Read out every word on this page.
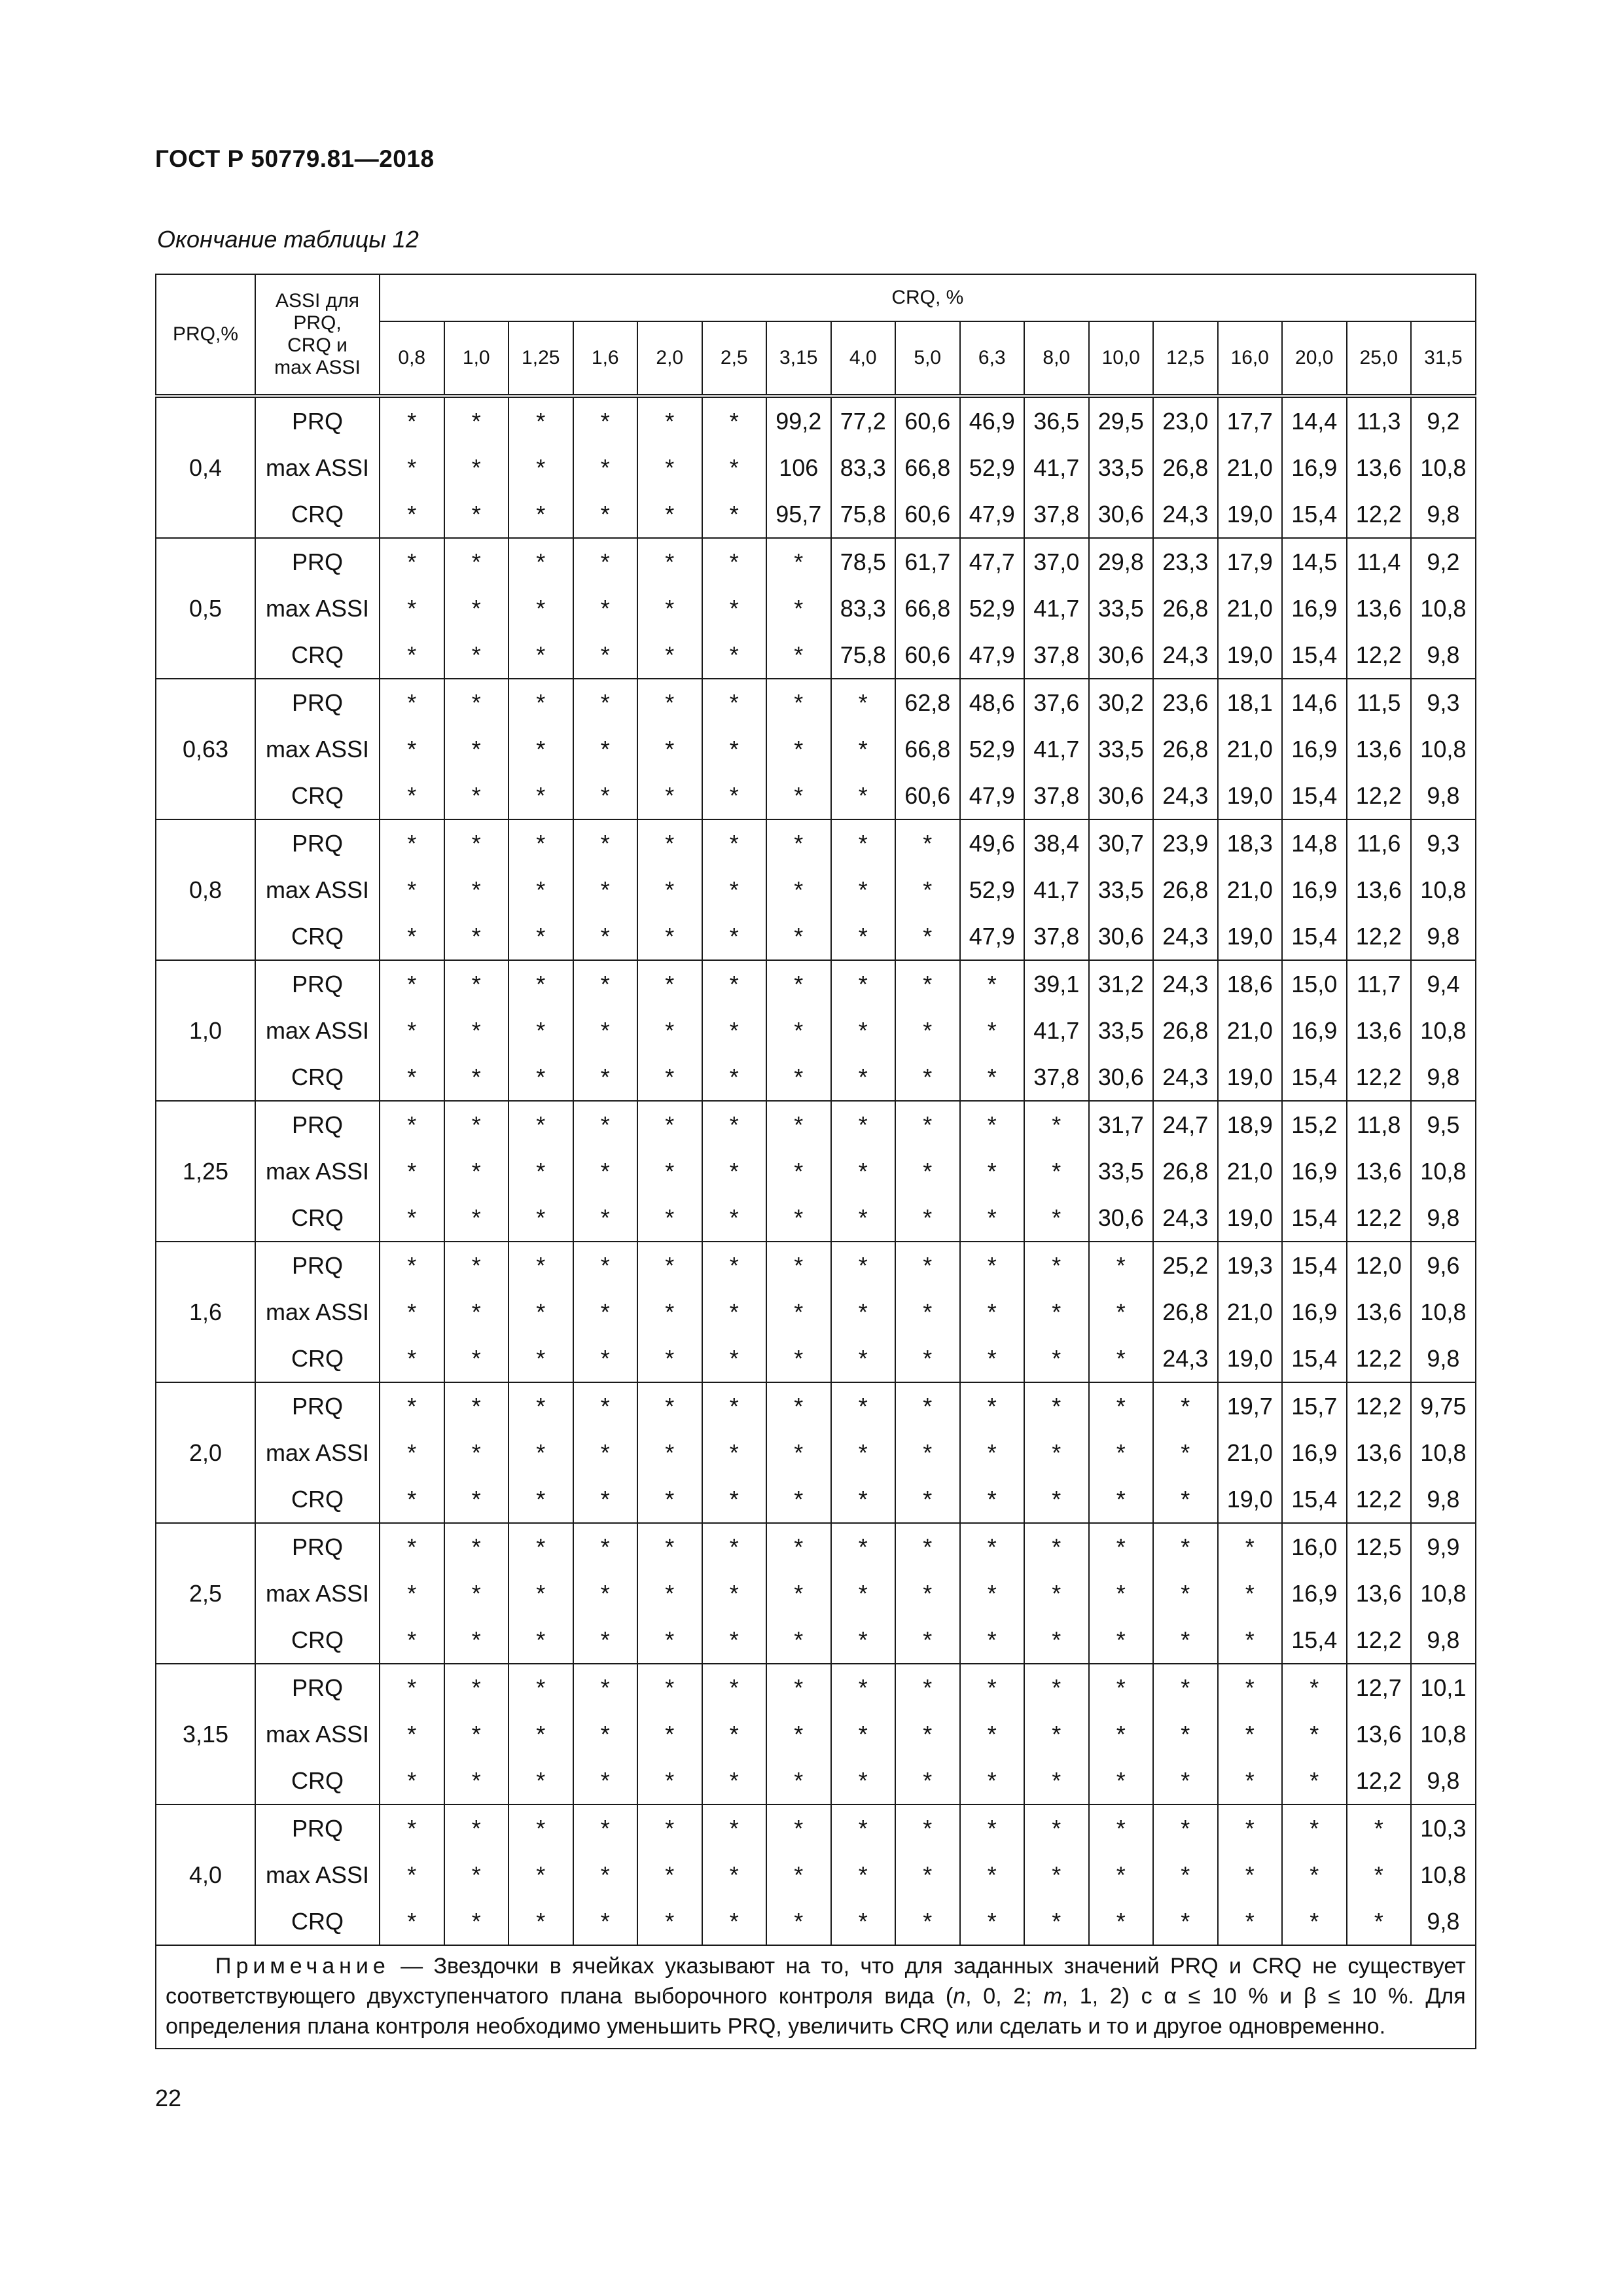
ГОСТ Р 50779.81—2018
Окончание таблицы 12
PRQ,%	ASSI для
PRQ,
CRQ и
max ASSI	CRQ, %																
		0,8	1,0	1,25	1,6	2,0	2,5	3,15	4,0	5,0	6,3	8,0	10,0	12,5	16,0	20,0	25,0	31,5
0,4	PRQ	*	*	*	*	*	*	99,2	77,2	60,6	46,9	36,5	29,5	23,0	17,7	14,4	11,3	9,2
	max ASSI	*	*	*	*	*	*	106	83,3	66,8	52,9	41,7	33,5	26,8	21,0	16,9	13,6	10,8
	CRQ	*	*	*	*	*	*	95,7	75,8	60,6	47,9	37,8	30,6	24,3	19,0	15,4	12,2	9,8
0,5	PRQ	*	*	*	*	*	*	*	78,5	61,7	47,7	37,0	29,8	23,3	17,9	14,5	11,4	9,2
	max ASSI	*	*	*	*	*	*	*	83,3	66,8	52,9	41,7	33,5	26,8	21,0	16,9	13,6	10,8
	CRQ	*	*	*	*	*	*	*	75,8	60,6	47,9	37,8	30,6	24,3	19,0	15,4	12,2	9,8
0,63	PRQ	*	*	*	*	*	*	*	*	62,8	48,6	37,6	30,2	23,6	18,1	14,6	11,5	9,3
	max ASSI	*	*	*	*	*	*	*	*	66,8	52,9	41,7	33,5	26,8	21,0	16,9	13,6	10,8
	CRQ	*	*	*	*	*	*	*	*	60,6	47,9	37,8	30,6	24,3	19,0	15,4	12,2	9,8
0,8	PRQ	*	*	*	*	*	*	*	*	*	49,6	38,4	30,7	23,9	18,3	14,8	11,6	9,3
	max ASSI	*	*	*	*	*	*	*	*	*	52,9	41,7	33,5	26,8	21,0	16,9	13,6	10,8
	CRQ	*	*	*	*	*	*	*	*	*	47,9	37,8	30,6	24,3	19,0	15,4	12,2	9,8
1,0	PRQ	*	*	*	*	*	*	*	*	*	*	39,1	31,2	24,3	18,6	15,0	11,7	9,4
	max ASSI	*	*	*	*	*	*	*	*	*	*	41,7	33,5	26,8	21,0	16,9	13,6	10,8
	CRQ	*	*	*	*	*	*	*	*	*	*	37,8	30,6	24,3	19,0	15,4	12,2	9,8
1,25	PRQ	*	*	*	*	*	*	*	*	*	*	*	31,7	24,7	18,9	15,2	11,8	9,5
	max ASSI	*	*	*	*	*	*	*	*	*	*	*	33,5	26,8	21,0	16,9	13,6	10,8
	CRQ	*	*	*	*	*	*	*	*	*	*	*	30,6	24,3	19,0	15,4	12,2	9,8
1,6	PRQ	*	*	*	*	*	*	*	*	*	*	*	*	25,2	19,3	15,4	12,0	9,6
	max ASSI	*	*	*	*	*	*	*	*	*	*	*	*	26,8	21,0	16,9	13,6	10,8
	CRQ	*	*	*	*	*	*	*	*	*	*	*	*	24,3	19,0	15,4	12,2	9,8
2,0	PRQ	*	*	*	*	*	*	*	*	*	*	*	*	*	19,7	15,7	12,2	9,75
	max ASSI	*	*	*	*	*	*	*	*	*	*	*	*	*	21,0	16,9	13,6	10,8
	CRQ	*	*	*	*	*	*	*	*	*	*	*	*	*	19,0	15,4	12,2	9,8
2,5	PRQ	*	*	*	*	*	*	*	*	*	*	*	*	*	*	16,0	12,5	9,9
	max ASSI	*	*	*	*	*	*	*	*	*	*	*	*	*	*	16,9	13,6	10,8
	CRQ	*	*	*	*	*	*	*	*	*	*	*	*	*	*	15,4	12,2	9,8
3,15	PRQ	*	*	*	*	*	*	*	*	*	*	*	*	*	*	*	12,7	10,1
	max ASSI	*	*	*	*	*	*	*	*	*	*	*	*	*	*	*	13,6	10,8
	CRQ	*	*	*	*	*	*	*	*	*	*	*	*	*	*	*	12,2	9,8
4,0	PRQ	*	*	*	*	*	*	*	*	*	*	*	*	*	*	*	*	10,3
	max ASSI	*	*	*	*	*	*	*	*	*	*	*	*	*	*	*	*	10,8
	CRQ	*	*	*	*	*	*	*	*	*	*	*	*	*	*	*	*	9,8

Примечание — Звездочки в ячейках указывают на то, что для заданных значений PRQ и CRQ не существует соответствующего двухступенчатого плана выборочного контроля вида (n, 0, 2; m, 1, 2) с α ≤ 10 % и β ≤ 10 %. Для определения плана контроля необходимо уменьшить PRQ, увеличить CRQ или сделать и то и другое одновременно.																		
22
